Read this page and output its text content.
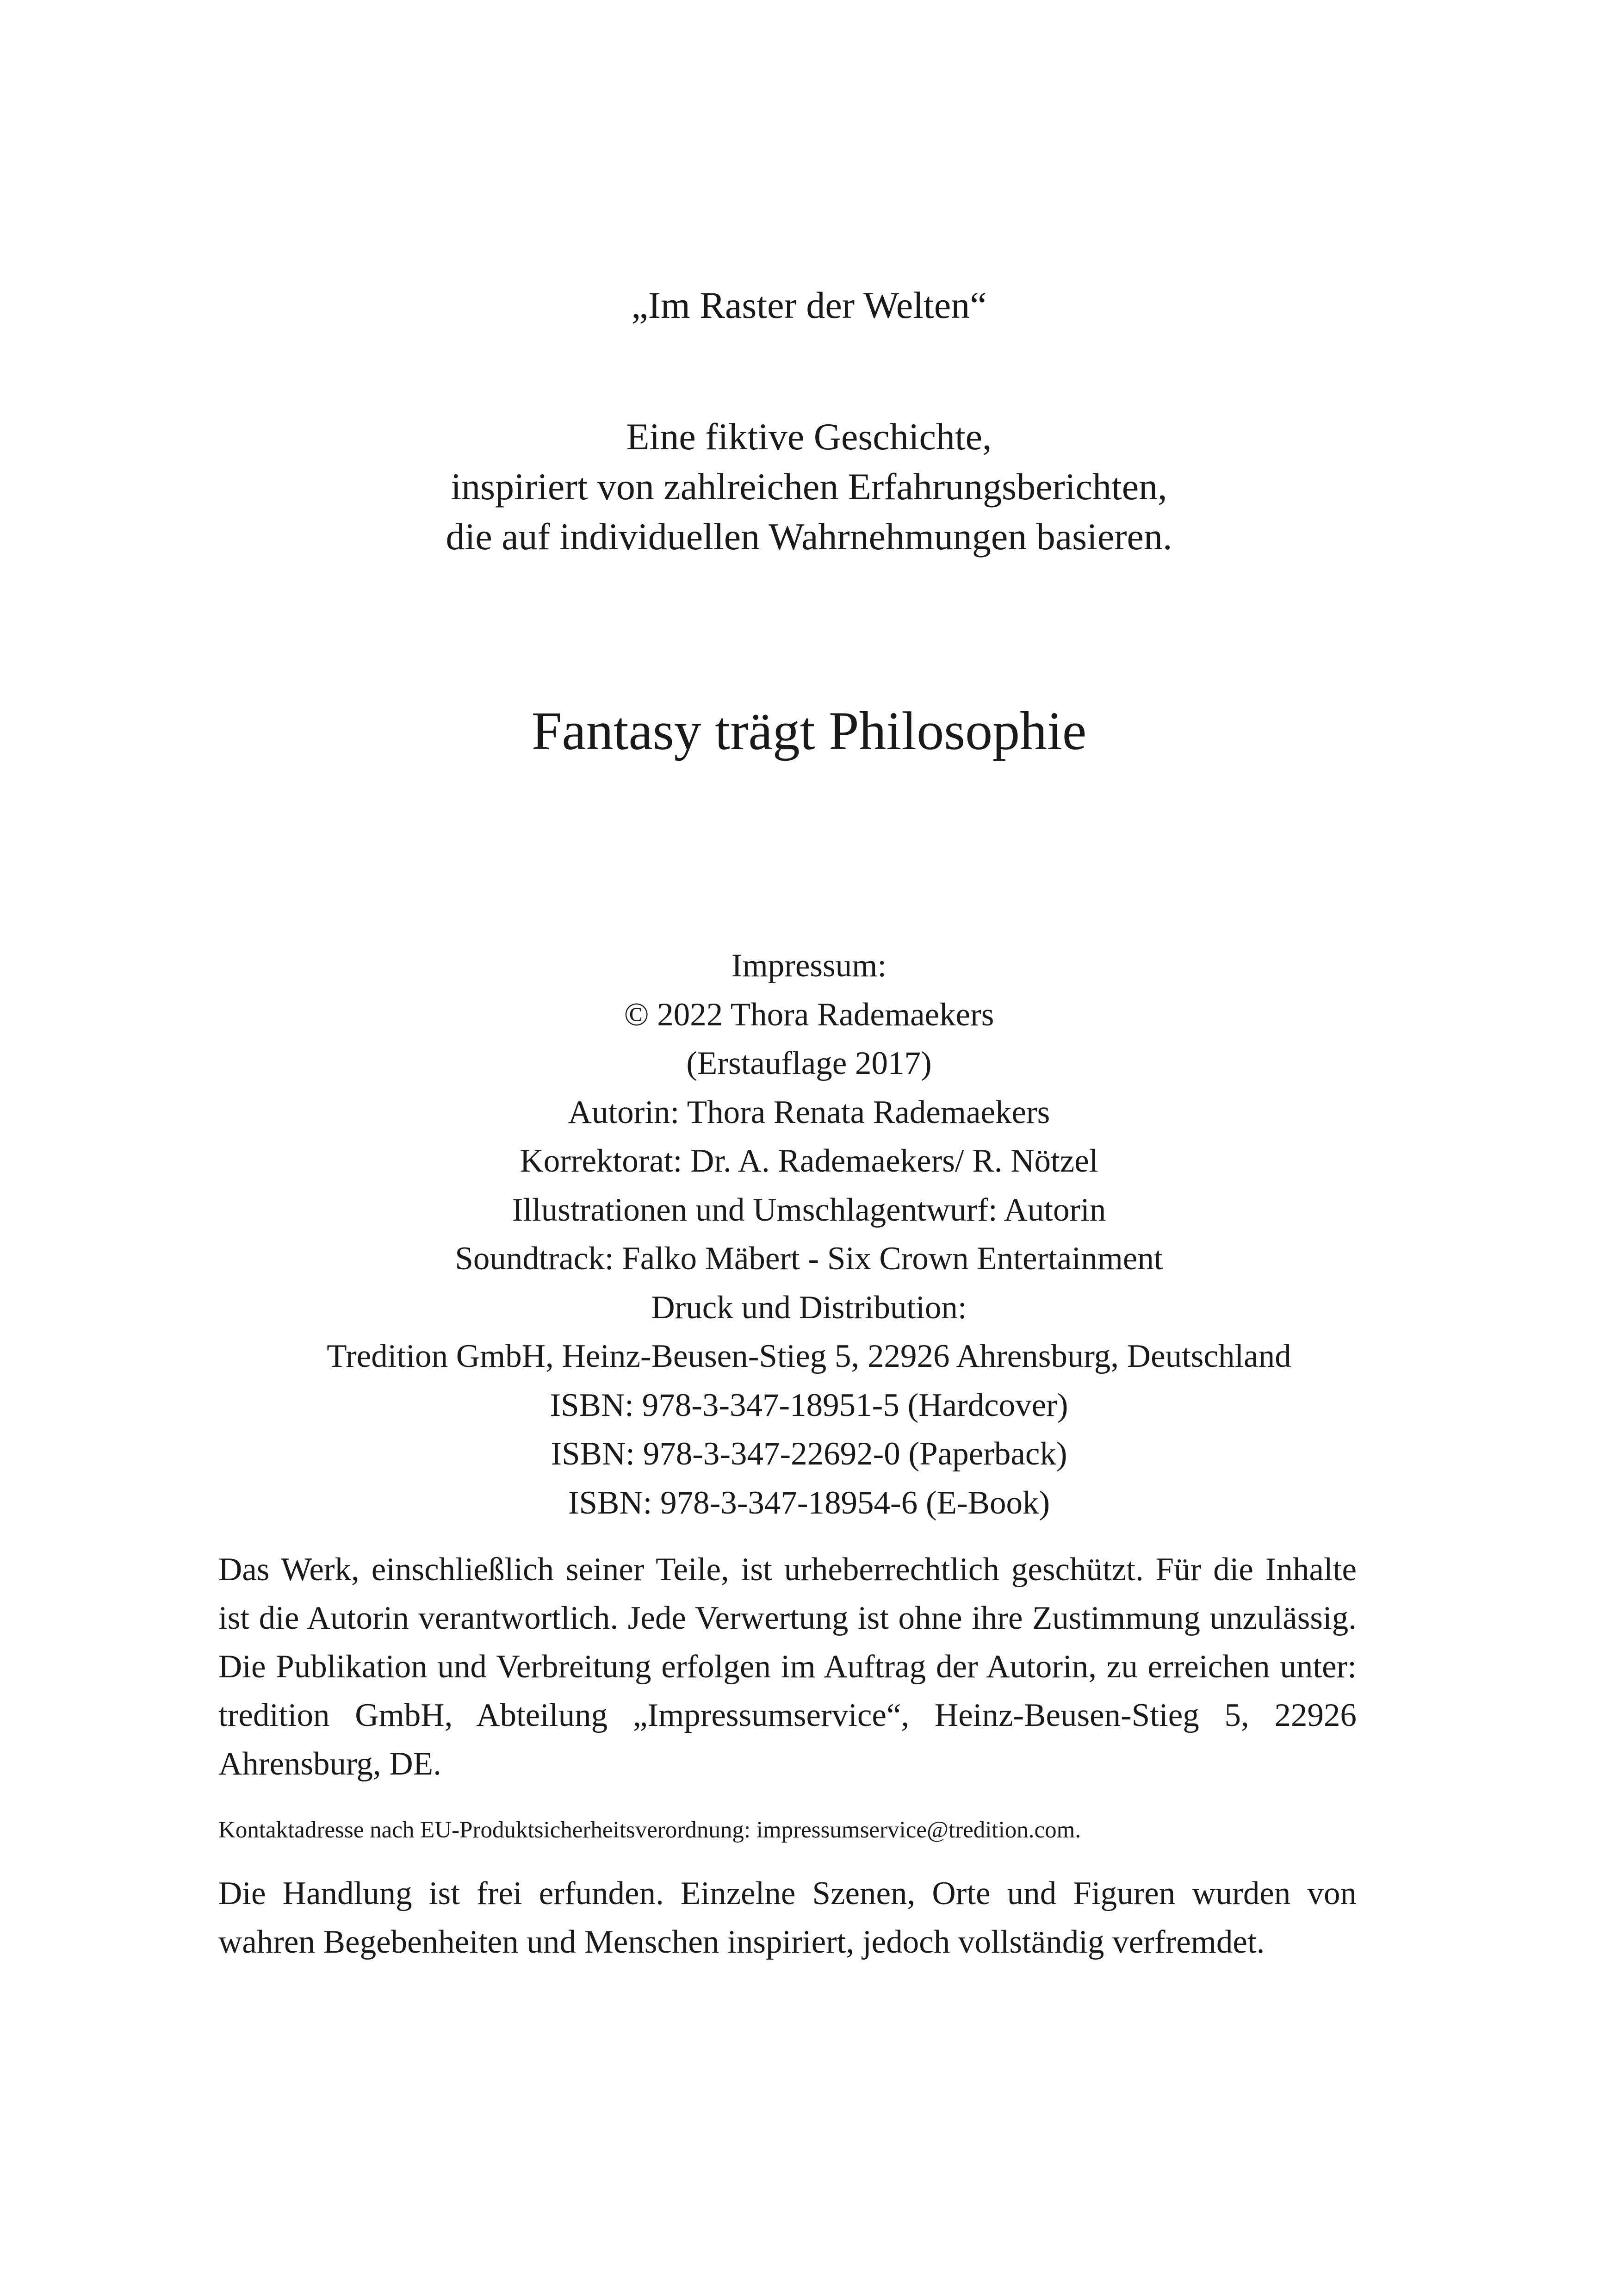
„Im Raster der Welten“
Eine fiktive Geschichte,
inspiriert von zahlreichen Erfahrungsberichten,
die auf individuellen Wahrnehmungen basieren.
Fantasy trägt Philosophie
Impressum:
© 2022 Thora Rademaekers
(Erstauflage 2017)
Autorin: Thora Renata Rademaekers
Korrektorat: Dr. A. Rademaekers/ R. Nötzel
Illustrationen und Umschlagentwurf: Autorin
Soundtrack: Falko Mäbert - Six Crown Entertainment
Druck und Distribution:
Tredition GmbH, Heinz-Beusen-Stieg 5, 22926 Ahrensburg, Deutschland
ISBN: 978-3-347-18951-5 (Hardcover)
ISBN: 978-3-347-22692-0 (Paperback)
ISBN: 978-3-347-18954-6 (E-Book)
Das Werk, einschließlich seiner Teile, ist urheberrechtlich geschützt. Für die Inhalte ist die Autorin verantwortlich. Jede Verwertung ist ohne ihre Zustimmung unzulässig. Die Publikation und Verbreitung erfolgen im Auftrag der Autorin, zu erreichen unter: tredition GmbH, Abteilung „Impressumservice“, Heinz-Beusen-Stieg 5, 22926 Ahrensburg, DE.
Kontaktadresse nach EU-Produktsicherheitsverordnung: impressumservice@tredition.com.
Die Handlung ist frei erfunden. Einzelne Szenen, Orte und Figuren wurden von wahren Begebenheiten und Menschen inspiriert, jedoch vollständig verfremdet.
